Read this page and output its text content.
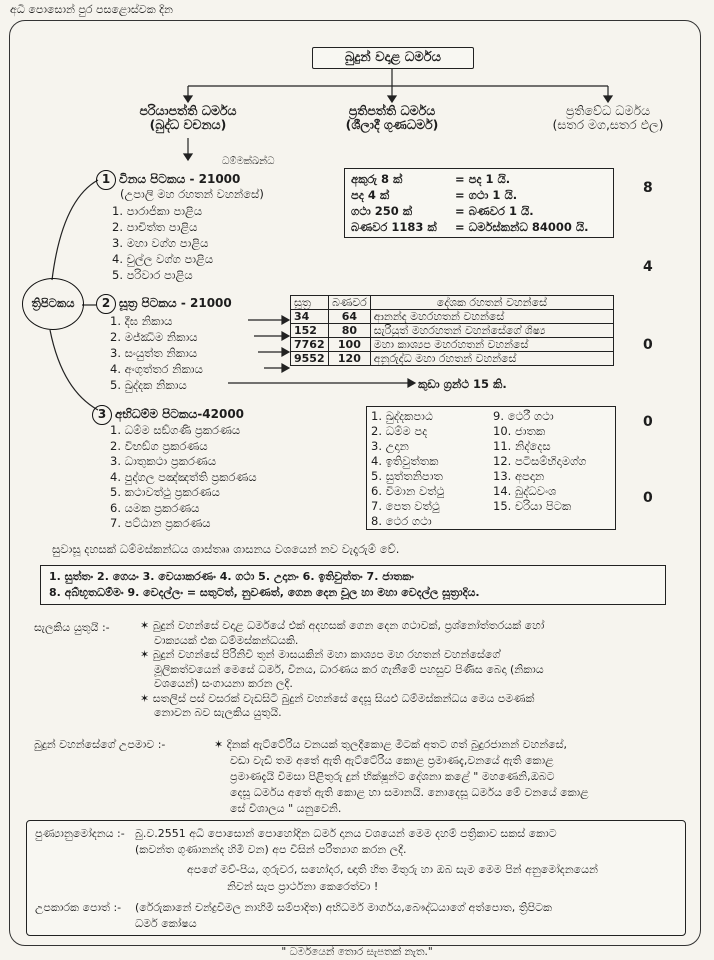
අධි පොසොන් පුර පසළොස්වක දින
බුදුන් වදාළ ධර්මය
පරියාපත්ති ධර්මය
(බුද්ධ වචනය)
ප්‍රතිපත්ති ධර්මය
(ශීලාදී ගුණධර්ම)
ප්‍රතිවේධ ධර්මය
(සතර මග,සතර ඵල)
ධම්මක්ඛන්ධ
ත්‍රිපිටකය
1 විනය පිටකය - 21000
(උපාලි මහ රහතන් වහන්සේ)
1. පාරාජිකා පාළිය
2. පාචිත්ත පාළිය
3. මහා වග්ග පාළිය
4. චුල්ල වග්ග පාළිය
5. පරිවාර පාළිය
අකුරු 8 ක්	= පද 1 යි.
පද 4 ක්	= ගථා 1 යි.
ගථා 250 ක්	= බණවර 1 යි.
බණවර 1183 ක්	= ධර්මස්කන්ධ 84000 යි.
2 සූත්‍ර පිටකය - 21000
1. දීඝ නිකාය
2. මජ්ඣිම නිකාය
3. සංයුත්ත නිකාය
4. අංගුත්තර නිකාය
5. ඛුද්දක නිකාය
සූත්‍ර	බණවර	දේශක රහතන් වහන්සේ
34	64	ආනන්ද මහරහතන් වහන්සේ
152	80	සැරියුත් මහරහතන් වහන්සේගේ ශිෂ්‍ය
7762	100	මහා කාශ්‍යප මහරහතන් වහන්සේ
9552	120	අනුරුද්ධ මහා රහතන් වහන්සේ
කුඩා ග්‍රන්ථ 15 කි.
3 අභිධම්ම පිටකය-42000
1. ධම්ම සඞ්ගණි ප්‍රකරණය
2. විභඞ්ග ප්‍රකරණය
3. ධාතුකථා ප්‍රකරණය
4. පුද්ගල පඤ්ඤත්ති ප්‍රකරණය
5. කථාවත්ථු ප්‍රකරණය
6. යමක ප්‍රකරණය
7. පට්ඨාන ප්‍රකරණය
1. ඛුද්දකපාඨ
2. ධම්ම පද
3. උදාන
4. ඉතිවුත්තක
5. සුත්තනිපාත
6. විමාන වත්ථු
7. පෙත වත්ථු
8. ථෙර ගථා
9. ථෙරී ගථා
10. ජාතක
11. නිද්දෙස
12. පටිසම්භිදාමග්ග
13. අපදාන
14. බුද්ධවංශ
15. චරියා පිටක
8
4
0
0
0
සුවාසූ දහසක් ධම්මස්කන්ධය ශාස්තෲ ශාසනය වශයෙන් නව වැදෑරුම් වේ.
1. සුත්තං 2. ගෙයං 3. වෙයාකරණං 4. ගථා 5. උදානං 6. ඉතිවුත්තං 7. ජාතකං
8. අබ්භූතධම්මං 9. වෙදල්ලං = සතුටත්, නුවණත්, ගෙන දෙන චූල හා මහා වෙදල්ල සූත්‍රාදිය.
සැලකිය යුතුයි :-	✶ බුදුන් වහන්සේ වදාළ ධර්මයේ එක් අදහසක් ගෙන දෙන ගථාවක්, ප්‍රශ්නෝත්තරයක් හෝ
වාක්‍යයක් එක ධම්මස්කන්ධයකි.
✶ බුදුන් වහන්සේ පිරිනිවී තුන් මාසයකින් මහා කාශ්‍යප මහ රහතන් වහන්සේගේ
මූලිකත්වයෙන් මෙසේ ධර්ම, විනය, ධාරණය කර ගැනීමේ පහසුව පිණිස බෙදා (නිකාය
වශයෙන්) සංගායනා කරන ලදී.
✶ සතලිස් පස් වසරක් වැඩසිටි බුදුන් වහන්සේ දෙසූ සියළු ධම්මස්කන්ධය මෙය පමණක්
නොවන බව සැලකිය යුතුයි.
බුදුන් වහන්සේගේ උපමාව :-	✶ දිනක් ඇට්ටේරිය වනයක් තුලදීකොළ මිටක් අතට ගත් බුදුරජානන් වහන්සේ,
වඩා වැඩි තම අතේ ඇති ඇට්ටේරිය කොළ ප්‍රමාණදැ,වනයේ ඇති කොළ
ප්‍රමාණදැයි විමසා පිළිතුරු දුන් භික්ෂූන්ට දේශනා කළේ " මහණෙනි,ඔබට
දෙසූ ධර්මය අතේ ඇති කොළ හා සමානයි. නොදෙසූ ධර්මය මේ වනයේ කොළ
සේ විශාලය " යනුවෙනි.
පුණ්‍යානුමෝදනය :- බු.ව.2551 අධි පොසොන් පොහෝදින ධර්ම දානය වශයෙන් මෙම දහම් පත්‍රිකාව සකස් කොට
(කවන්ත ගුණානන්ද හිමි වන) අප විසින් පරිත්‍යාග කරන ලදී.
අපගේ මව්-පිය, ගුරුවර, සහෝදර, ඥාති හිත මිතුරු හා ඔබ සැම මෙම පින් අනුමෝදනයෙන්
නිවන් සැප ප්‍රාර්ථනා කෙරෙත්වා !
උපකාරක පොත් :- (රේරුකානේ චන්ද්‍රවිමල නාහිමි සම්පාදිත) අභිධර්ම මාර්ගය,බෞද්ධයාගේ අත්පොත, ත්‍රිපිටක
ධර්ම කෝෂය
" ධර්මයෙන් තොර සැපතක් නැත."
